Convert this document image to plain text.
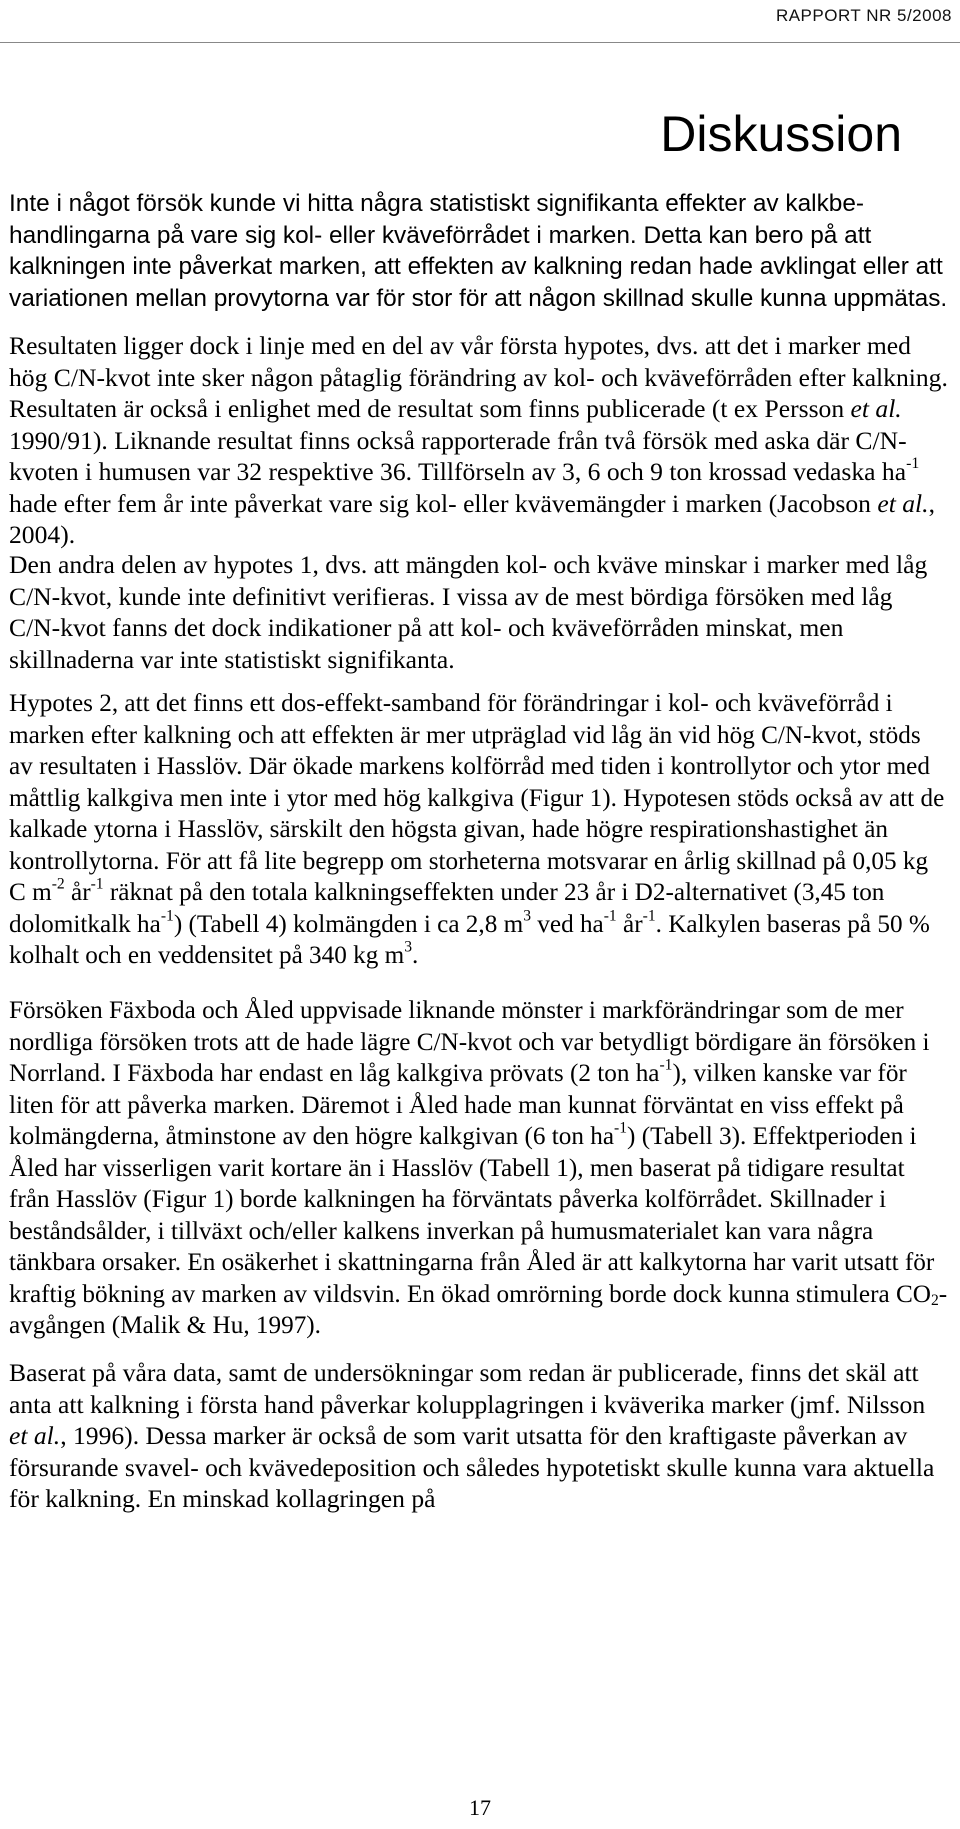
RAPPORT NR 5/2008
Diskussion

Inte i något försök kunde vi hitta några statistiskt signifikanta effekter av kalkbehandlingarna på vare sig kol- eller kväveförrådet i marken. Detta kan bero på att kalkningen inte påverkat marken, att effekten av kalkning redan hade avklingat eller att variationen mellan provytorna var för stor för att någon skillnad skulle kunna uppmätas.

Resultaten ligger dock i linje med en del av vår första hypotes, dvs. att det i marker med hög C/N-kvot inte sker någon påtaglig förändring av kol- och kväveförråden efter kalkning. Resultaten är också i enlighet med de resultat som finns publicerade (t ex Persson et al. 1990/91). Liknande resultat finns också rapporterade från två försök med aska där C/N-kvoten i humusen var 32 respektive 36. Tillförseln av 3, 6 och 9 ton krossad vedaska $ha^{-1}$ hade efter fem år inte påverkat vare sig kol- eller kvävemängder i marken (Jacobson et al., 2004).

Den andra delen av hypotes 1, dvs. att mängden kol- och kväve minskar i marker med låg C/N-kvot, kunde inte definitivt verifieras. I vissa av de mest bördiga försöken med låg C/N-kvot fanns det dock indikationer på att kol- och kväveförråden minskat, men skillnaderna var inte statistiskt signifikanta.

Hypotes 2, att det finns ett dos-effekt-samband för förändringar i kol- och kväveförråd i marken efter kalkning och att effekten är mer utpräglad vid låg än vid hög C/N-kvot, stöds av resultaten i Hasslöv. Där ökade markens kolförråd med tiden i kontrollytor och ytor med måttlig kalkgiva men inte i ytor med hög kalkgiva (Figur 1). Hypotesen stöds också av att de kalkade ytorna i Hasslöv, särskilt den högsta givan, hade högre respirationshastighet än kontrollytorna. För att få lite begrepp om storheterna motsvarar en årlig skillnad på 0,05 kg C $m^{-2}$ $år^{-1}$ räknat på den totala kalkningseffekten under 23 år i D2-alternativet (3,45 ton dolomitkalk $ha^{-1}$) (Tabell 4) kolmängden i ca 2,8 $m^3$ ved $ha^{-1}$ $år^{-1}$. Kalkylen baseras på 50 % kolhalt och en veddensitet på 340 kg $m^3$.

Försöken Fäxboda och Åled uppvisade liknande mönster i markförändringar som de mer nordliga försöken trots att de hade lägre C/N-kvot och var betydligt bördigare än försöken i Norrland. I Fäxboda har endast en låg kalkgiva prövats (2 ton $ha^{-1}$), vilken kanske var för liten för att påverka marken. Däremot i Åled hade man kunnat förväntat en viss effekt på kolmängderna, åtminstone av den högre kalkgivan (6 ton $ha^{-1}$) (Tabell 3). Effektperioden i Åled har visserligen varit kortare än i Hasslöv (Tabell 1), men baserat på tidigare resultat från Hasslöv (Figur 1) borde kalkningen ha förväntats påverka kolförrådet. Skillnader i beståndsålder, i tillväxt och/eller kalkens inverkan på humusmaterialet kan vara några tänkbara orsaker. En osäkerhet i skattningarna från Åled är att kalkytorna har varit utsatt för kraftig bökning av marken av vildsvin. En ökad omrörning borde dock kunna stimulera $CO_2$-avgången (Malik & Hu, 1997).

Baserat på våra data, samt de undersökningar som redan är publicerade, finns det skäl att anta att kalkning i första hand påverkar kolupplagringen i kväverika marker (jmf. Nilsson et al., 1996). Dessa marker är också de som varit utsatta för den kraftigaste påverkan av försurande svavel- och kvävedeposition och således hypotetiskt skulle kunna vara aktuella för kalkning. En minskad kollagringen på

17
